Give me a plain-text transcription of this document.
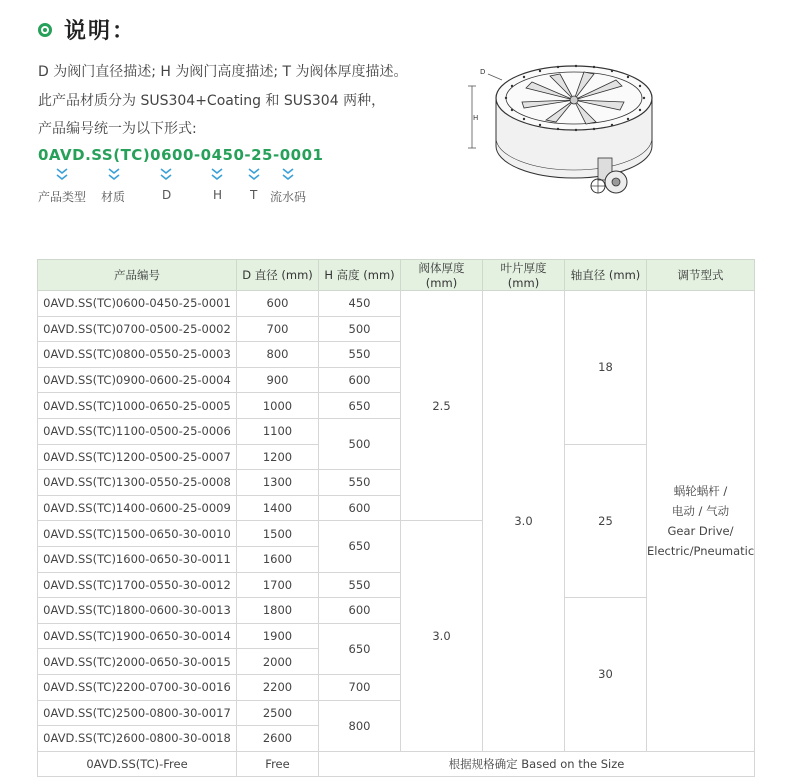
说明：
D 为阀门直径描述; H 为阀门高度描述; T 为阀体厚度描述。
此产品材质分为 SUS304+Coating 和 SUS304 两种，
产品编号统一为以下形式:
0AVD.SS(TC)0600-0450-25-0001
产品类型 材质	D	H T 流水码
H
D
产品编号	D 直径 (mm)	H 高度 (mm)	阀体厚度 (mm)	叶片厚度 (mm)	轴直径 (mm)	调节型式
0AVD.SS(TC)0600-0450-25-0001	600	450	2.5	3.0	18	蜗轮蜗杆 /
电动 / 气动
Gear Drive/
Electric/Pneumatic

0AVD.SS(TC)0700-0500-25-0002	700	500				
0AVD.SS(TC)0800-0550-25-0003	800	550				
0AVD.SS(TC)0900-0600-25-0004	900	600				
0AVD.SS(TC)1000-0650-25-0005	1000	650				
0AVD.SS(TC)1100-0500-25-0006	1100	500				
0AVD.SS(TC)1200-0500-25-0007	1200				25	
0AVD.SS(TC)1300-0550-25-0008	1300	550				
0AVD.SS(TC)1400-0600-25-0009	1400	600				
0AVD.SS(TC)1500-0650-30-0010	1500	650	3.0			
0AVD.SS(TC)1600-0650-30-0011	1600					
0AVD.SS(TC)1700-0550-30-0012	1700	550				
0AVD.SS(TC)1800-0600-30-0013	1800	600			30	
0AVD.SS(TC)1900-0650-30-0014	1900	650				
0AVD.SS(TC)2000-0650-30-0015	2000					
0AVD.SS(TC)2200-0700-30-0016	2200	700				
0AVD.SS(TC)2500-0800-30-0017	2500	800				
0AVD.SS(TC)2600-0800-30-0018	2600					
0AVD.SS(TC)-Free	Free	根据规格确定 Based on the Size				
